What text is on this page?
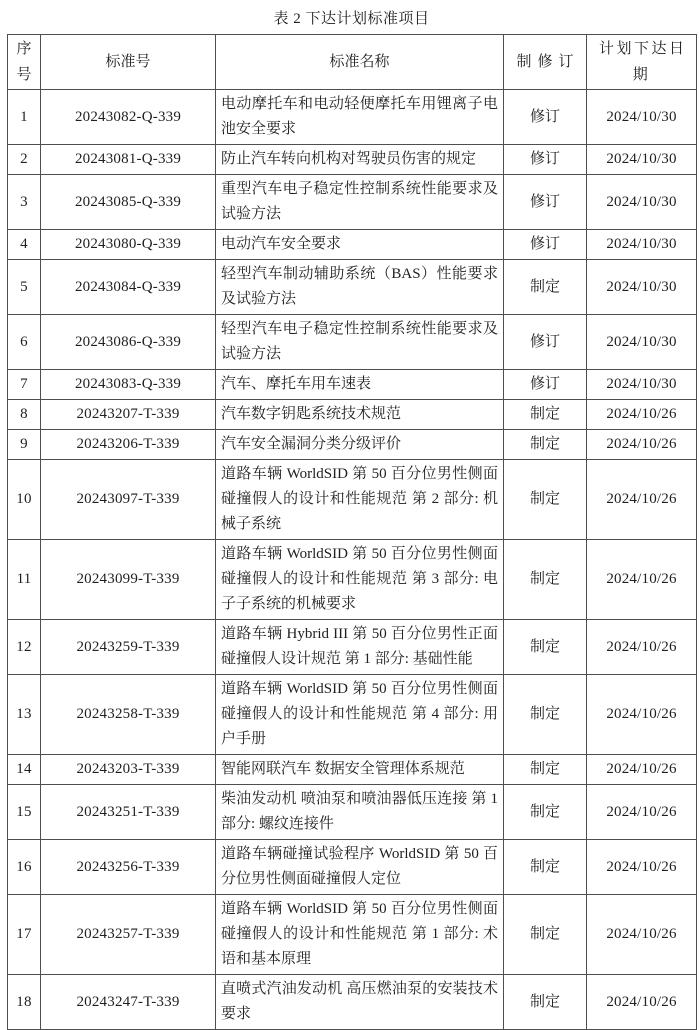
表 2 下达计划标准项目
序号	标准号	标准名称	制修订	计划下达日期
1	20243082-Q-339	电动摩托车和电动轻便摩托车用锂离子电池安全要求	修订	2024/10/30
2	20243081-Q-339	防止汽车转向机构对驾驶员伤害的规定	修订	2024/10/30
3	20243085-Q-339	重型汽车电子稳定性控制系统性能要求及试验方法	修订	2024/10/30
4	20243080-Q-339	电动汽车安全要求	修订	2024/10/30
5	20243084-Q-339	轻型汽车制动辅助系统（BAS）性能要求及试验方法	制定	2024/10/30
6	20243086-Q-339	轻型汽车电子稳定性控制系统性能要求及试验方法	修订	2024/10/30
7	20243083-Q-339	汽车、摩托车用车速表	修订	2024/10/30
8	20243207-T-339	汽车数字钥匙系统技术规范	制定	2024/10/26
9	20243206-T-339	汽车安全漏洞分类分级评价	制定	2024/10/26
10	20243097-T-339	道路车辆 WorldSID 第 50 百分位男性侧面碰撞假人的设计和性能规范 第 2 部分: 机械子系统	制定	2024/10/26
11	20243099-T-339	道路车辆 WorldSID 第 50 百分位男性侧面碰撞假人的设计和性能规范 第 3 部分: 电子子系统的机械要求	制定	2024/10/26
12	20243259-T-339	道路车辆 Hybrid III 第 50 百分位男性正面碰撞假人设计规范 第 1 部分: 基础性能	制定	2024/10/26
13	20243258-T-339	道路车辆 WorldSID 第 50 百分位男性侧面碰撞假人的设计和性能规范 第 4 部分: 用户手册	制定	2024/10/26
14	20243203-T-339	智能网联汽车 数据安全管理体系规范	制定	2024/10/26
15	20243251-T-339	柴油发动机 喷油泵和喷油器低压连接 第 1 部分: 螺纹连接件	制定	2024/10/26
16	20243256-T-339	道路车辆碰撞试验程序 WorldSID 第 50 百分位男性侧面碰撞假人定位	制定	2024/10/26
17	20243257-T-339	道路车辆 WorldSID 第 50 百分位男性侧面碰撞假人的设计和性能规范 第 1 部分: 术语和基本原理	制定	2024/10/26
18	20243247-T-339	直喷式汽油发动机 高压燃油泵的安装技术要求	制定	2024/10/26
